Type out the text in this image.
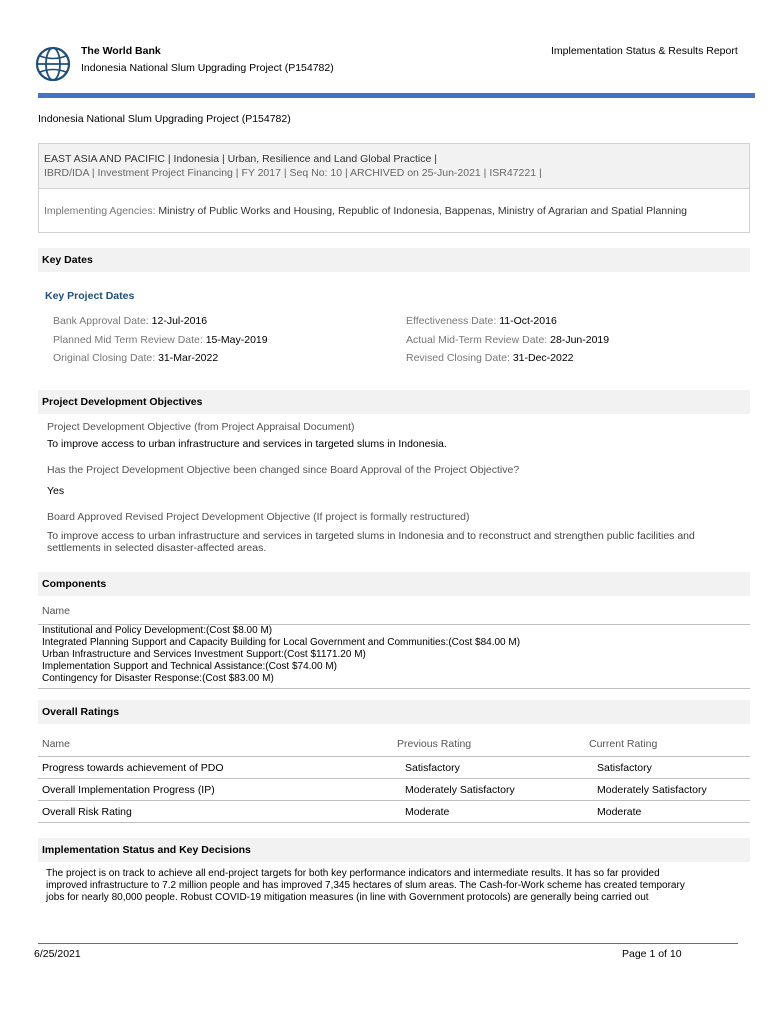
The World Bank
Indonesia National Slum Upgrading Project (P154782)
Implementation Status & Results Report
Indonesia National Slum Upgrading Project (P154782)
EAST ASIA AND PACIFIC | Indonesia | Urban, Resilience and Land Global Practice |
IBRD/IDA | Investment Project Financing | FY 2017 | Seq No: 10 | ARCHIVED on 25-Jun-2021 | ISR47221 |
Implementing Agencies: Ministry of Public Works and Housing, Republic of Indonesia, Bappenas, Ministry of Agrarian and Spatial Planning
Key Dates
Key Project Dates
Bank Approval Date: 12-Jul-2016	Effectiveness Date: 11-Oct-2016
Planned Mid Term Review Date: 15-May-2019	Actual Mid-Term Review Date: 28-Jun-2019
Original Closing Date: 31-Mar-2022	Revised Closing Date: 31-Dec-2022
Project Development Objectives
Project Development Objective (from Project Appraisal Document)
To improve access to urban infrastructure and services in targeted slums in Indonesia.
Has the Project Development Objective been changed since Board Approval of the Project Objective?
Yes
Board Approved Revised Project Development Objective (If project is formally restructured)
To improve access to urban infrastructure and services in targeted slums in Indonesia and to reconstruct and strengthen public facilities and
settlements in selected disaster-affected areas.
Components
Name
Institutional and Policy Development:(Cost $8.00 M)
Integrated Planning Support and Capacity Building for Local Government and Communities:(Cost $84.00 M)
Urban Infrastructure and Services Investment Support:(Cost $1171.20 M)
Implementation Support and Technical Assistance:(Cost $74.00 M)
Contingency for Disaster Response:(Cost $83.00 M)
Overall Ratings
Name	Previous Rating	Current Rating
Progress towards achievement of PDO	Satisfactory	Satisfactory
Overall Implementation Progress (IP)	Moderately Satisfactory	Moderately Satisfactory
Overall Risk Rating	Moderate	Moderate
Implementation Status and Key Decisions
The project is on track to achieve all end-project targets for both key performance indicators and intermediate results. It has so far provided
improved infrastructure to 7.2 million people and has improved 7,345 hectares of slum areas. The Cash-for-Work scheme has created temporary
jobs for nearly 80,000 people. Robust COVID-19 mitigation measures (in line with Government protocols) are generally being carried out
6/25/2021	Page 1 of 10
